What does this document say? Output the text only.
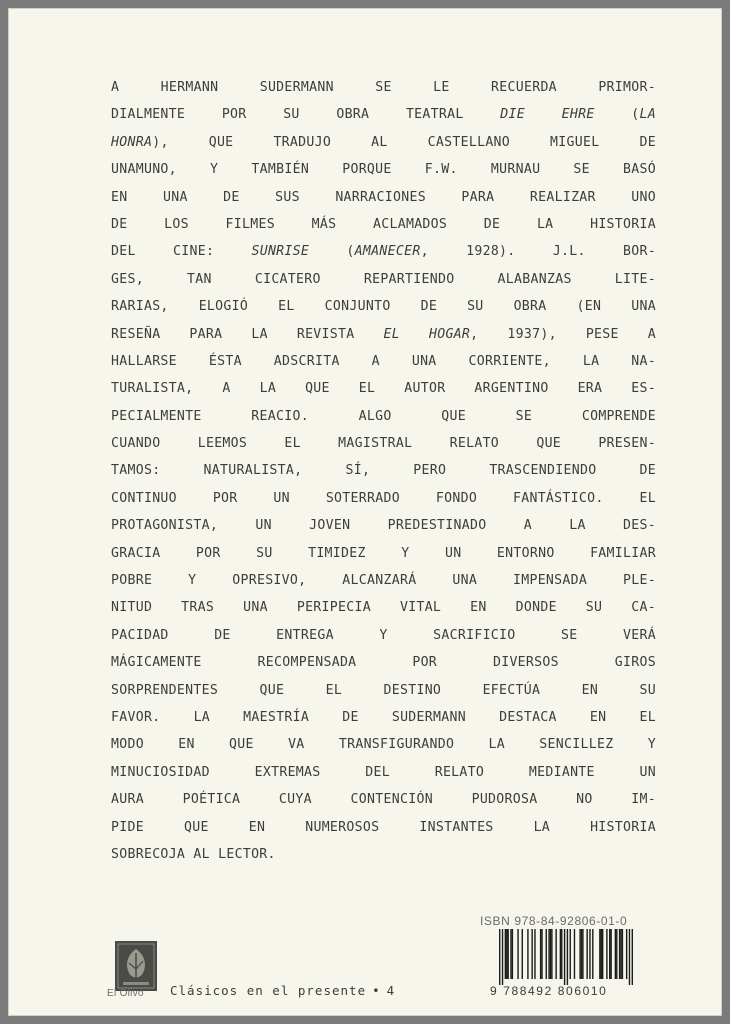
A HERMANN SUDERMANN SE LE RECUERDA PRIMOR-
DIALMENTE POR SU OBRA TEATRAL DIE EHRE (LA
HONRA), QUE TRADUJO AL CASTELLANO MIGUEL DE
UNAMUNO, Y TAMBIÉN PORQUE F.W. MURNAU SE BASÓ
EN UNA DE SUS NARRACIONES PARA REALIZAR UNO
DE LOS FILMES MÁS ACLAMADOS DE LA HISTORIA
DEL CINE: SUNRISE (AMANECER, 1928). J.L. BOR-
GES, TAN CICATERO REPARTIENDO ALABANZAS LITE-
RARIAS, ELOGIÓ EL CONJUNTO DE SU OBRA (EN UNA
RESEÑA PARA LA REVISTA EL HOGAR, 1937), PESE A
HALLARSE ÉSTA ADSCRITA A UNA CORRIENTE, LA NA-
TURALISTA, A LA QUE EL AUTOR ARGENTINO ERA ES-
PECIALMENTE REACIO. ALGO QUE SE COMPRENDE
CUANDO LEEMOS EL MAGISTRAL RELATO QUE PRESEN-
TAMOS: NATURALISTA, SÍ, PERO TRASCENDIENDO DE
CONTINUO POR UN SOTERRADO FONDO FANTÁSTICO. EL
PROTAGONISTA, UN JOVEN PREDESTINADO A LA DES-
GRACIA POR SU TIMIDEZ Y UN ENTORNO FAMILIAR
POBRE Y OPRESIVO, ALCANZARÁ UNA IMPENSADA PLE-
NITUD TRAS UNA PERIPECIA VITAL EN DONDE SU CA-
PACIDAD DE ENTREGA Y SACRIFICIO SE VERÁ
MÁGICAMENTE RECOMPENSADA POR DIVERSOS GIROS
SORPRENDENTES QUE EL DESTINO EFECTÚA EN SU
FAVOR. LA MAESTRÍA DE SUDERMANN DESTACA EN EL
MODO EN QUE VA TRANSFIGURANDO LA SENCILLEZ Y
MINUCIOSIDAD EXTREMAS DEL RELATO MEDIANTE UN
AURA POÉTICA CUYA CONTENCIÓN PUDOROSA NO IM-
PIDE QUE EN NUMEROSOS INSTANTES LA HISTORIA
SOBRECOJA AL LECTOR.
El Olivo Clásicos en el presente • 4
ISBN 978-84-92806-01-0
9 788492 806010
